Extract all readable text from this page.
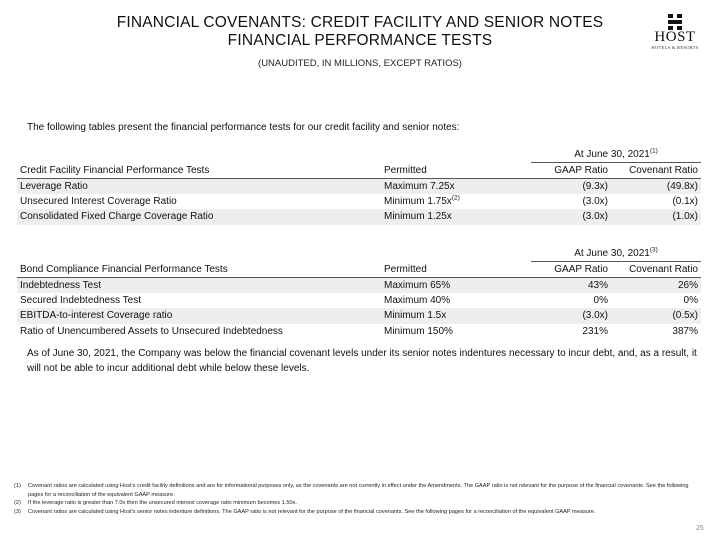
FINANCIAL COVENANTS: CREDIT FACILITY AND SENIOR NOTES
FINANCIAL PERFORMANCE TESTS
(UNAUDITED, IN MILLIONS, EXCEPT RATIOS)
HOST
HOTELS & RESORTS
The following tables present the financial performance tests for our credit facility and senior notes:
		At June 30, 2021$^{(1)}$
Credit Facility Financial Performance Tests	Permitted	GAAP Ratio	Covenant Ratio
Leverage Ratio	Maximum 7.25x	(9.3x)	(49.8x)
Unsecured Interest Coverage Ratio	Minimum $1.75x^{(2)}$	(3.0x)	(0.1x)
Consolidated Fixed Charge Coverage Ratio	Minimum 1.25x	(3.0x)	(1.0x)
		At June 30, 2021$^{(3)}$
Bond Compliance Financial Performance Tests	Permitted	GAAP Ratio	Covenant Ratio
Indebtedness Test	Maximum 65%	43%	26%
Secured Indebtedness Test	Maximum 40%	0%	0%
EBITDA-to-interest Coverage ratio	Minimum 1.5x	(3.0x)	(0.5x)
Ratio of Unencumbered Assets to Unsecured Indebtedness	Minimum 150%	231%	387%
As of June 30, 2021, the Company was below the financial covenant levels under its senior notes indentures necessary to incur debt, and, as a result, it will not be able to incur additional debt while below these levels.
(1)	Covenant ratios are calculated using Host’s credit facility definitions and are for informational purposes only, as the covenants are not currently in effect under the Amendments. The GAAP ratio is not relevant for the purpose of the financial covenants. See the following pages for a reconciliation of the equivalent GAAP measure.
(2)	If the leverage ratio is greater than 7.0x then the unsecured interest coverage ratio minimum becomes 1.50x.
(3)	Covenant ratios are calculated using Host’s senior notes indenture definitions. The GAAP ratio is not relevant for the purpose of the financial covenants. See the following pages for a reconciliation of the equivalent GAAP measure.
25
